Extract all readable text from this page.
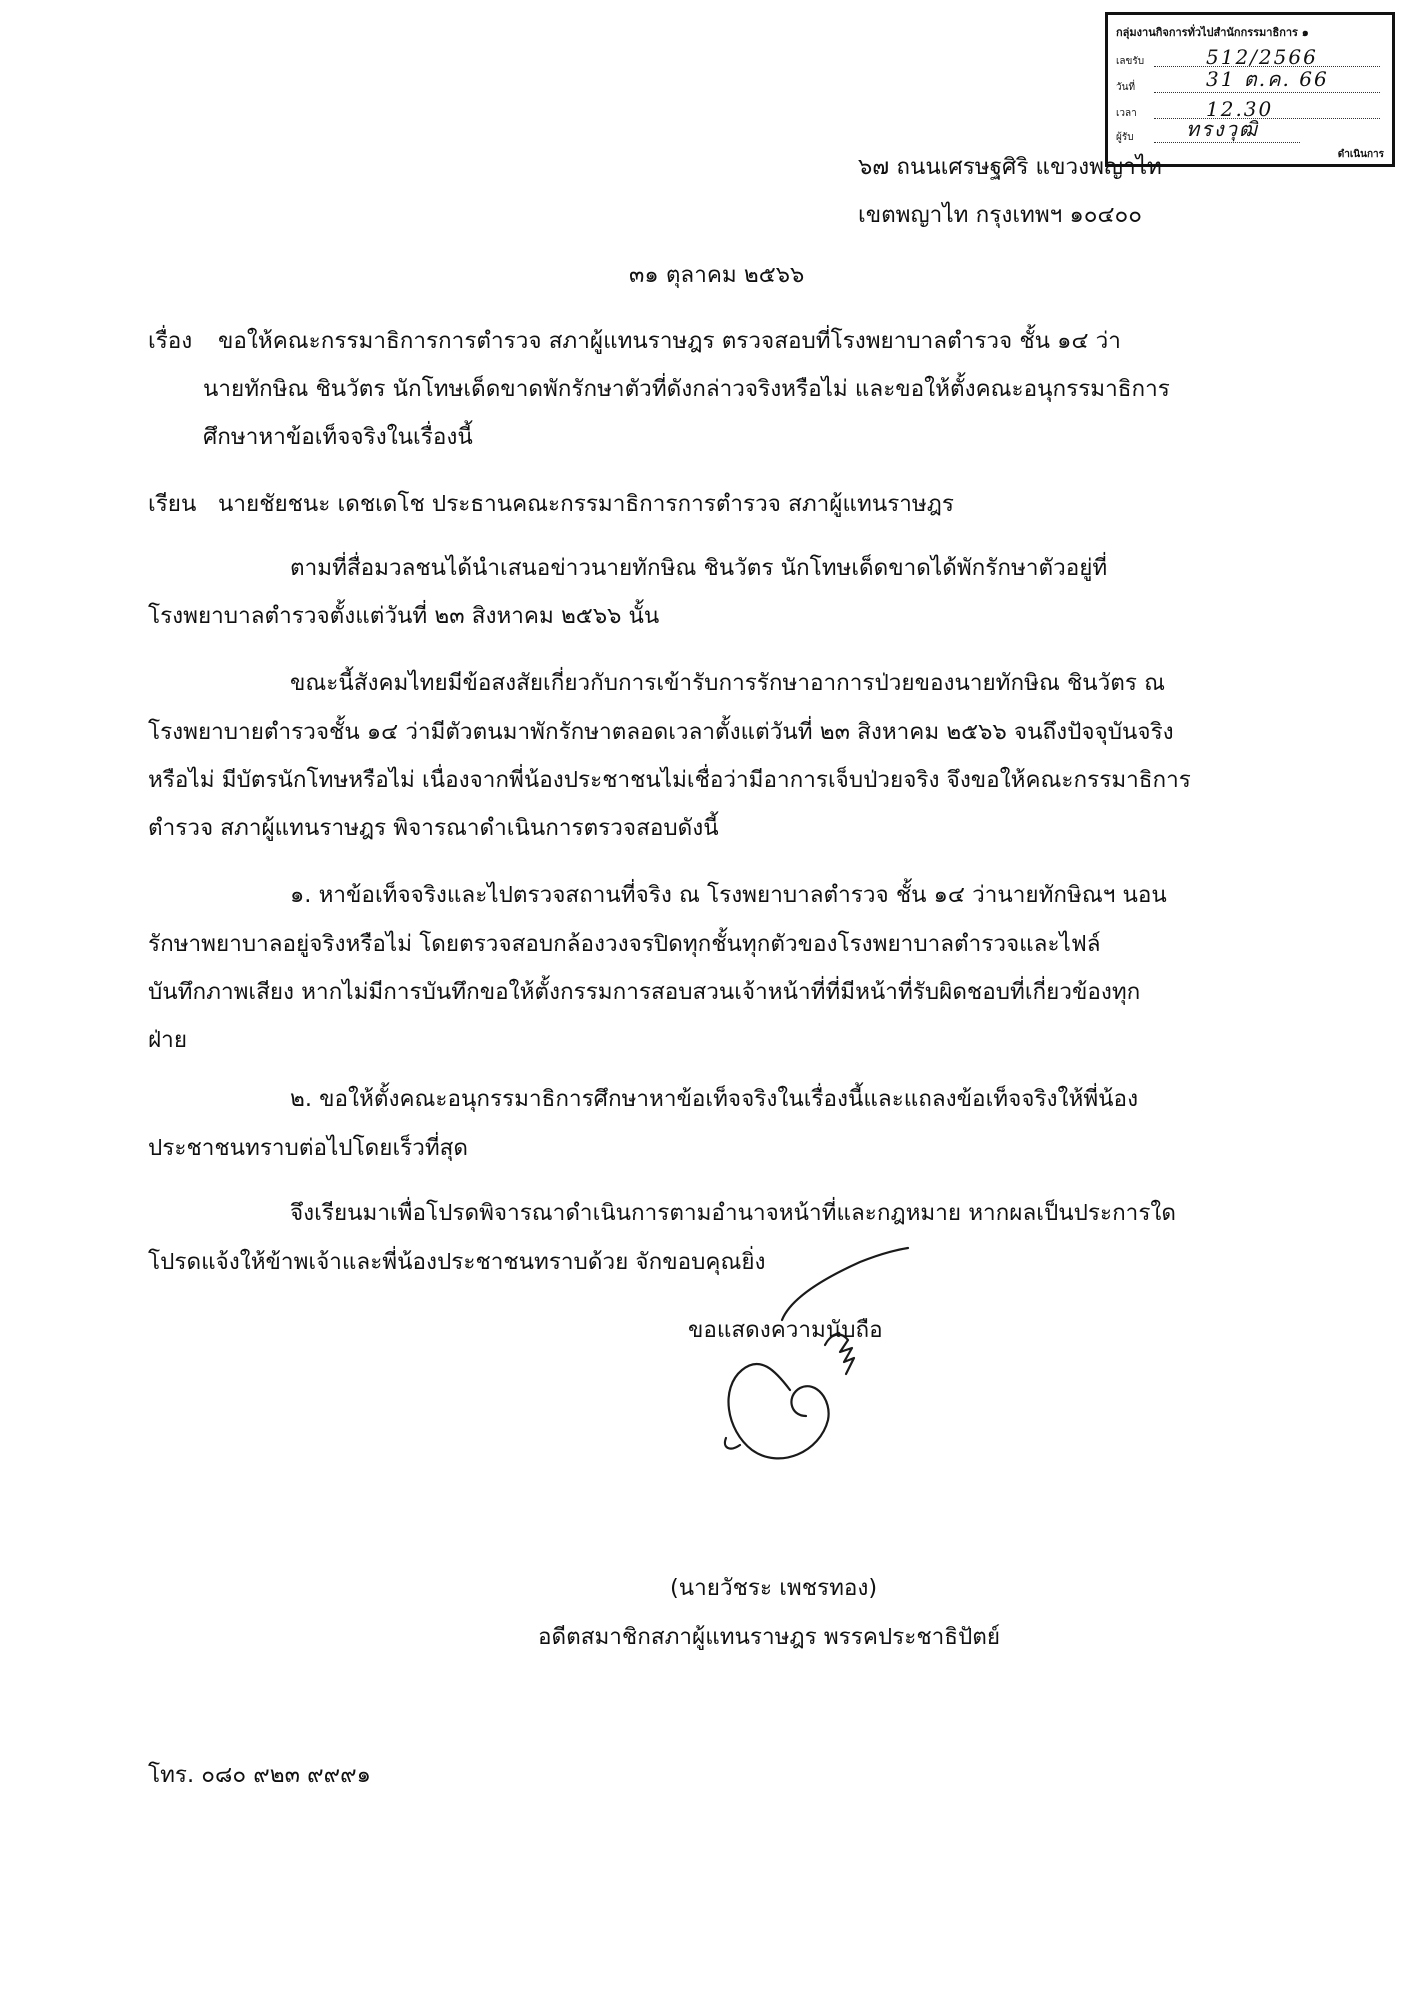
กลุ่มงานกิจการทั่วไปสำนักกรรมาธิการ ๑
เลขรับ	512/2566
วันที่	31 ต.ค. 66
เวลา	12.30
ผู้รับ	ทรงวุฒิ
ดำเนินการ
๖๗ ถนนเศรษฐศิริ แขวงพญาไท
เขตพญาไท กรุงเทพฯ ๑๐๔๐๐
๓๑ ตุลาคม ๒๕๖๖
เรื่อง ขอให้คณะกรรมาธิการการตำรวจ สภาผู้แทนราษฎร ตรวจสอบที่โรงพยาบาลตำรวจ ชั้น ๑๔ ว่า
นายทักษิณ ชินวัตร นักโทษเด็ดขาดพักรักษาตัวที่ดังกล่าวจริงหรือไม่ และขอให้ตั้งคณะอนุกรรมาธิการ
ศึกษาหาข้อเท็จจริงในเรื่องนี้
เรียน นายชัยชนะ เดชเดโช ประธานคณะกรรมาธิการการตำรวจ สภาผู้แทนราษฎร
ตามที่สื่อมวลชนได้นำเสนอข่าวนายทักษิณ ชินวัตร นักโทษเด็ดขาดได้พักรักษาตัวอยู่ที่
โรงพยาบาลตำรวจตั้งแต่วันที่ ๒๓ สิงหาคม ๒๕๖๖ นั้น
ขณะนี้สังคมไทยมีข้อสงสัยเกี่ยวกับการเข้ารับการรักษาอาการป่วยของนายทักษิณ ชินวัตร ณ
โรงพยาบายตำรวจชั้น ๑๔ ว่ามีตัวตนมาพักรักษาตลอดเวลาตั้งแต่วันที่ ๒๓ สิงหาคม ๒๕๖๖ จนถึงปัจจุบันจริง
หรือไม่ มีบัตรนักโทษหรือไม่ เนื่องจากพี่น้องประชาชนไม่เชื่อว่ามีอาการเจ็บป่วยจริง จึงขอให้คณะกรรมาธิการ
ตำรวจ สภาผู้แทนราษฎร พิจารณาดำเนินการตรวจสอบดังนี้
๑. หาข้อเท็จจริงและไปตรวจสถานที่จริง ณ โรงพยาบาลตำรวจ ชั้น ๑๔ ว่านายทักษิณฯ นอน
รักษาพยาบาลอยู่จริงหรือไม่ โดยตรวจสอบกล้องวงจรปิดทุกชั้นทุกตัวของโรงพยาบาลตำรวจและไฟล์
บันทึกภาพเสียง หากไม่มีการบันทึกขอให้ตั้งกรรมการสอบสวนเจ้าหน้าที่ที่มีหน้าที่รับผิดชอบที่เกี่ยวข้องทุก
ฝ่าย
๒. ขอให้ตั้งคณะอนุกรรมาธิการศึกษาหาข้อเท็จจริงในเรื่องนี้และแถลงข้อเท็จจริงให้พี่น้อง
ประชาชนทราบต่อไปโดยเร็วที่สุด
จึงเรียนมาเพื่อโปรดพิจารณาดำเนินการตามอำนาจหน้าที่และกฎหมาย หากผลเป็นประการใด
โปรดแจ้งให้ข้าพเจ้าและพี่น้องประชาชนทราบด้วย จักขอบคุณยิ่ง
ขอแสดงความนับถือ
(นายวัชระ เพชรทอง)
อดีตสมาชิกสภาผู้แทนราษฎร พรรคประชาธิปัตย์
โทร. ๐๘๐ ๙๒๓ ๙๙๙๑
